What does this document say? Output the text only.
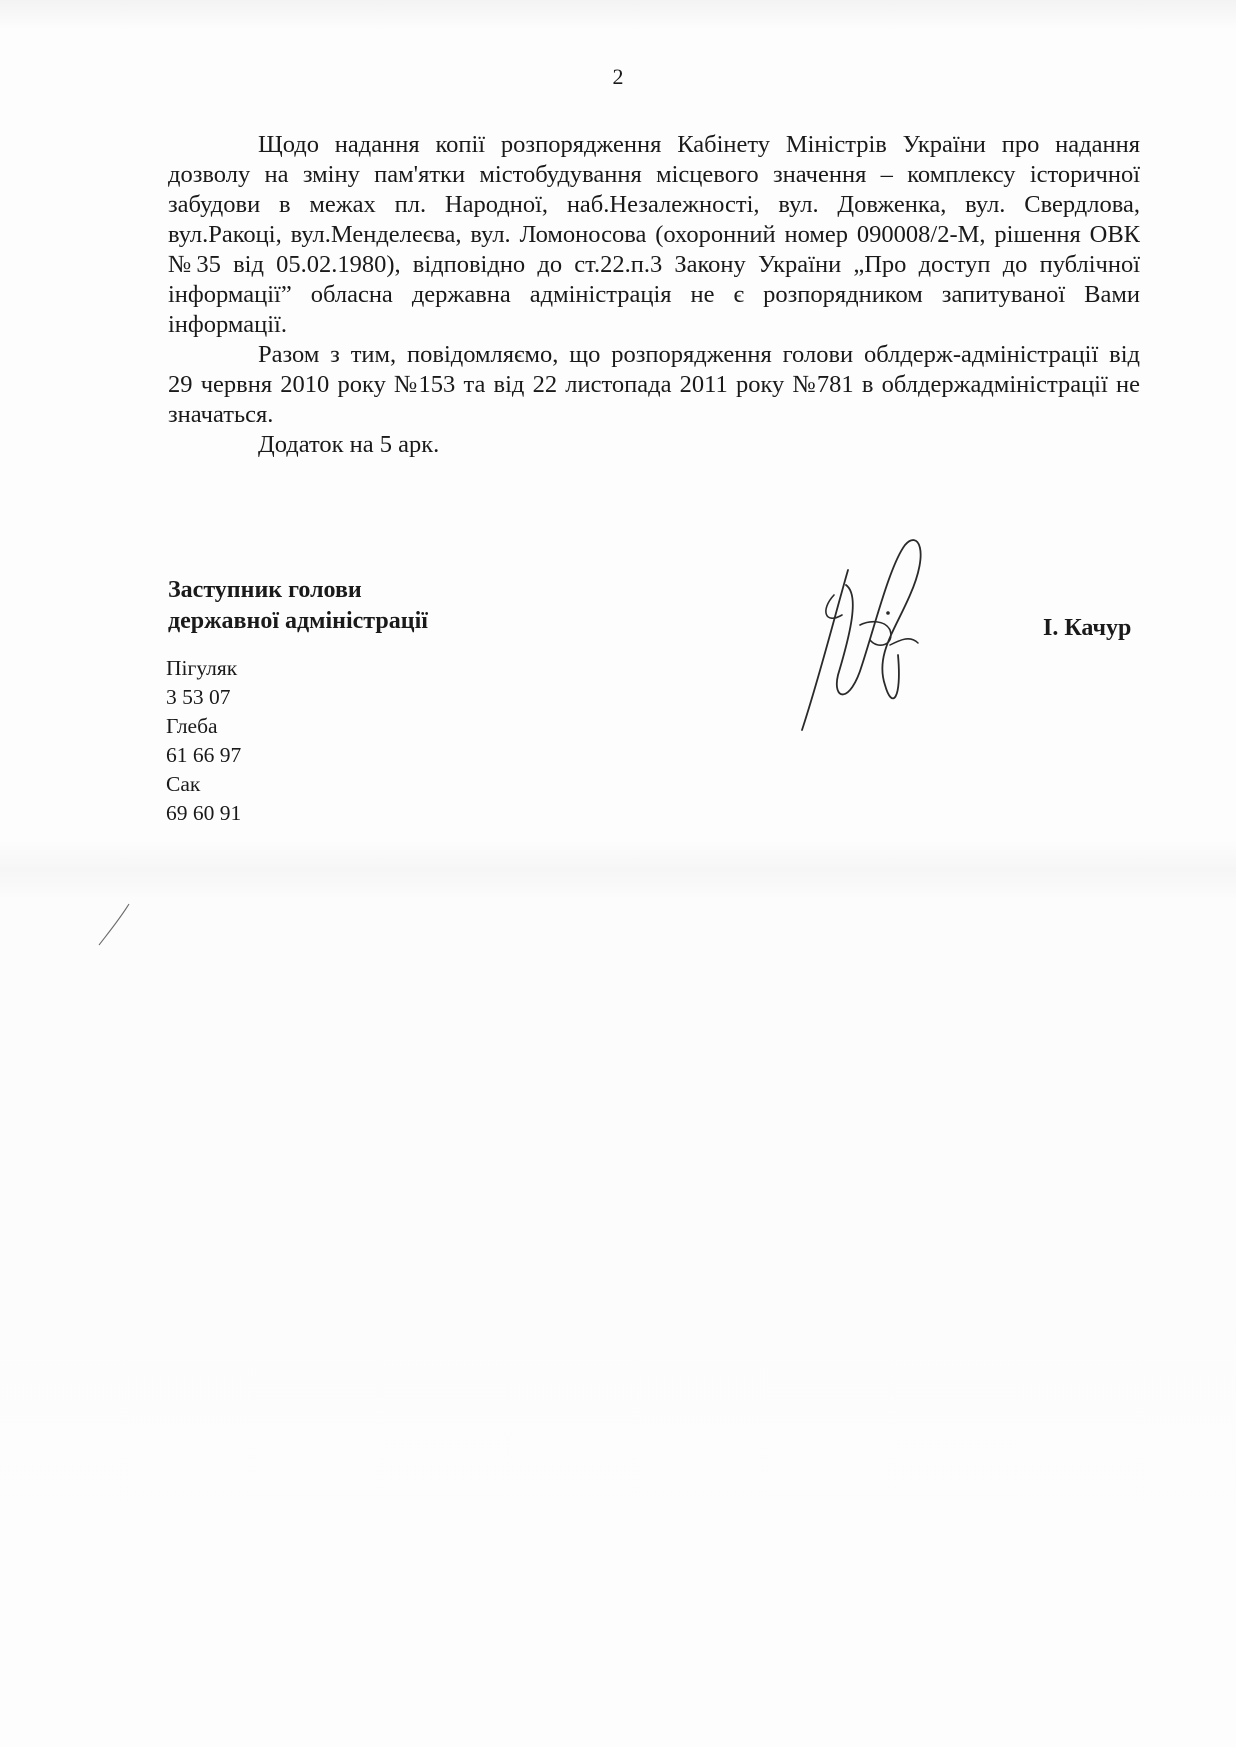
2

Щодо надання копії розпорядження Кабінету Міністрів України про надання дозволу на зміну пам'ятки містобудування місцевого значення – комплексу історичної забудови в межах пл. Народної, наб.Незалежності, вул. Довженка, вул. Свердлова, вул.Ракоці, вул.Менделеєва, вул. Ломоносова (охоронний номер 090008/2-М, рішення ОВК №35 від 05.02.1980), відповідно до ст.22.п.3 Закону України „Про доступ до публічної інформації” обласна державна адміністрація не є розпорядником запитуваної Вами інформації.

Разом з тим, повідомляємо, що розпорядження голови облдерж-адміністрації від 29 червня 2010 року №153 та від 22 листопада 2011 року №781 в облдержадміністрації не значаться.

Додаток на 5 арк.

Заступник голови
державної адміністрації	І. Качур
Пігуляк
3 53 07
Глеба
61 66 97
Сак
69 60 91
